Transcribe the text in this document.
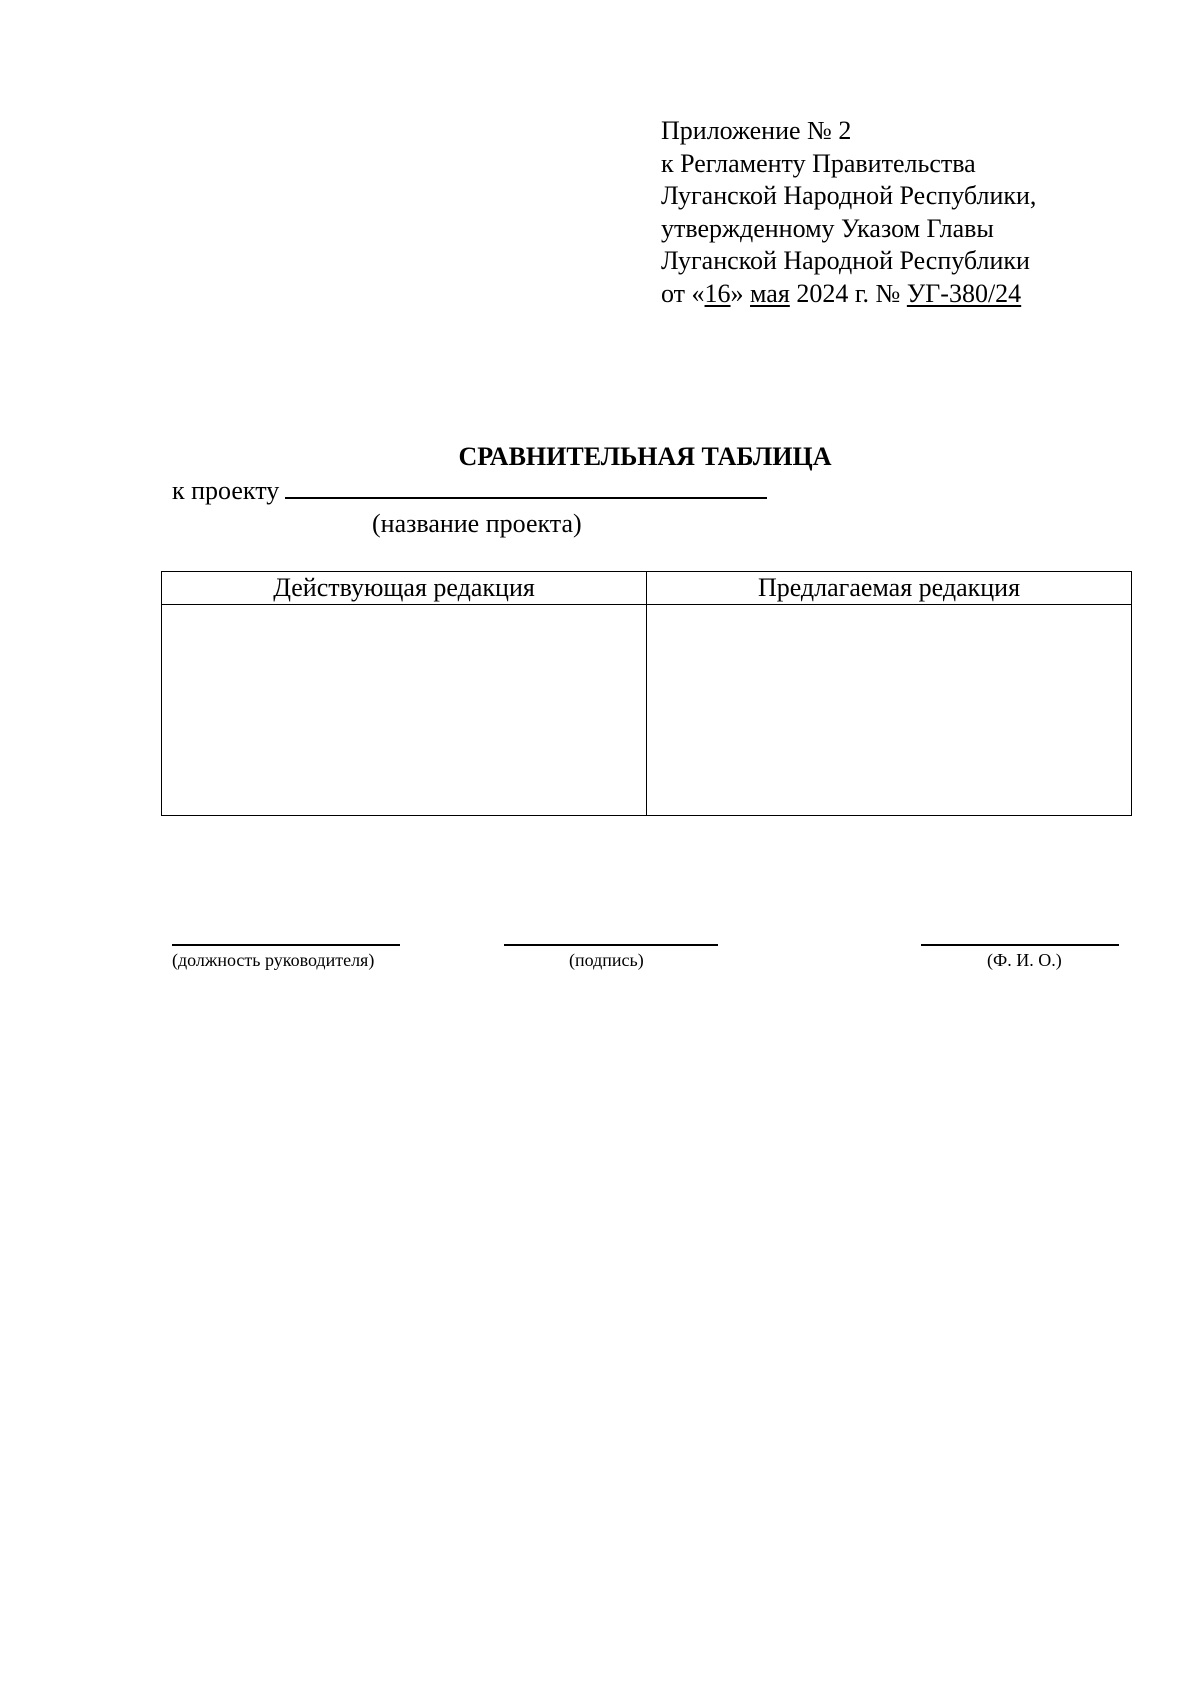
Приложение № 2
к Регламенту Правительства
Луганской Народной Республики,
утвержденному Указом Главы
Луганской Народной Республики
от «16» мая 2024 г. № УГ-380/24
СРАВНИТЕЛЬНАЯ ТАБЛИЦА
к проекту
(название проекта)
Действующая редакция	Предлагаемая редакция

(должность руководителя)	(подпись)	(Ф. И. О.)
